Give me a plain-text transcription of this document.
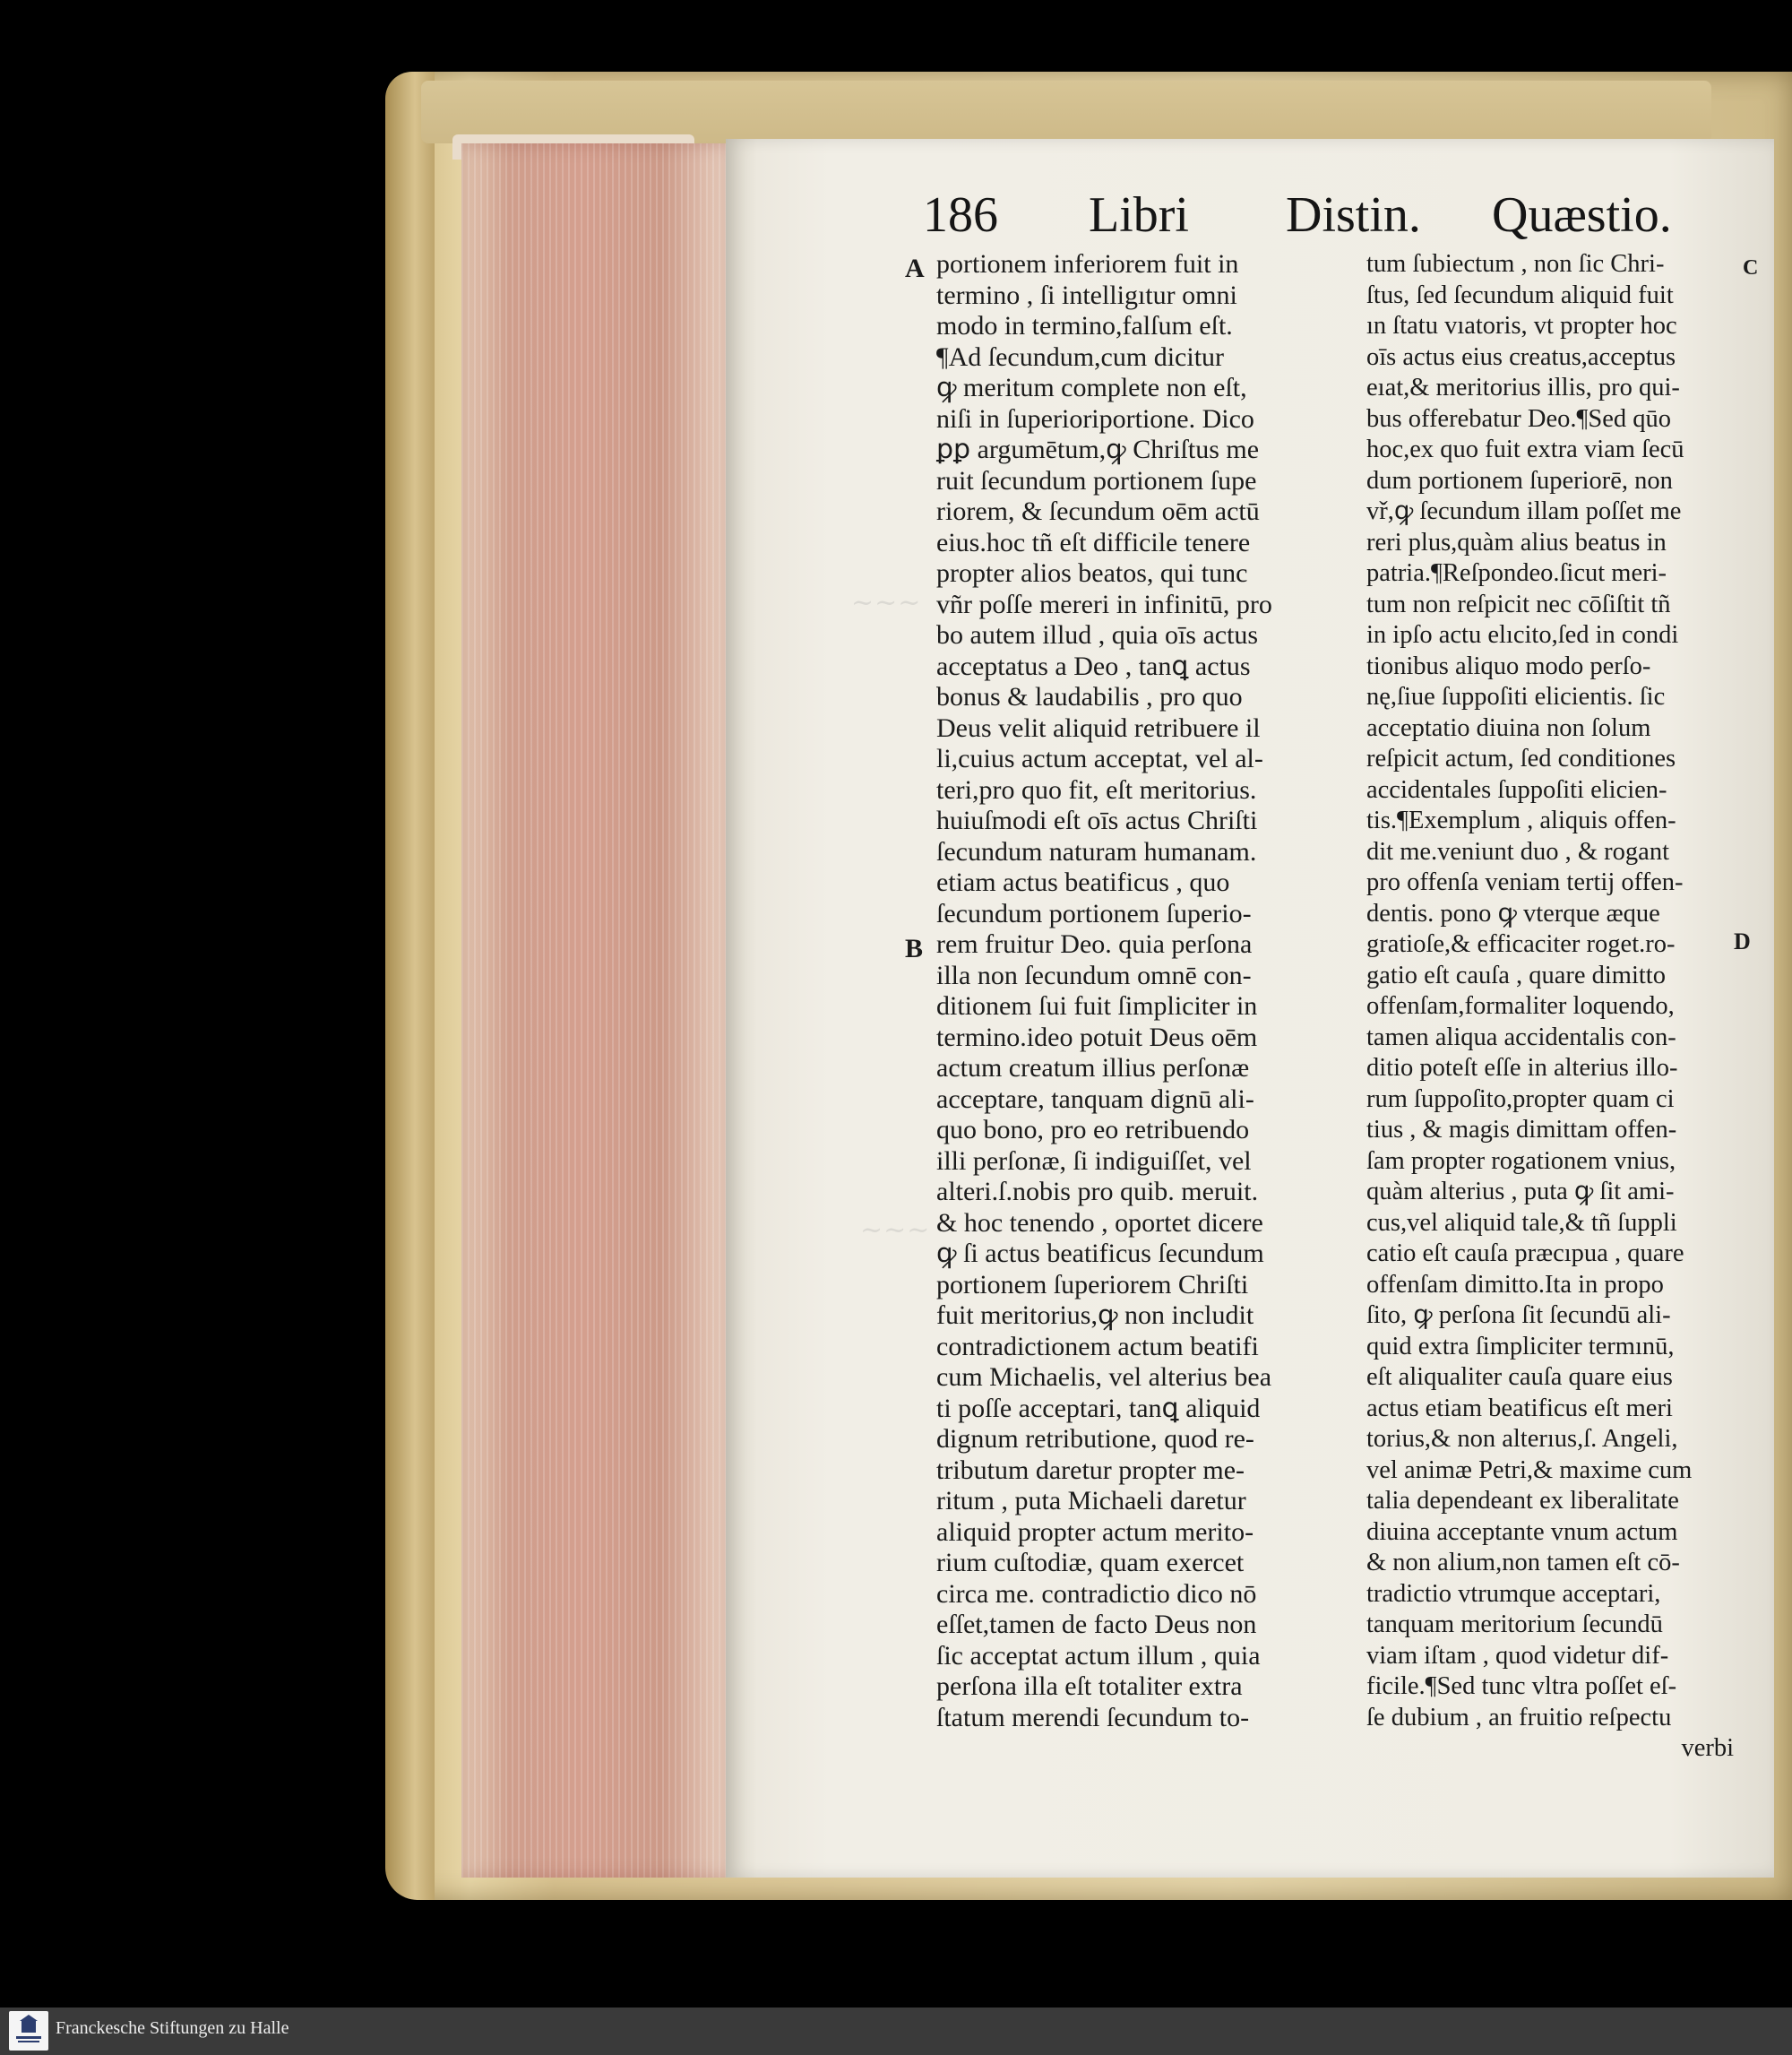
~~~
~~~
186 Libri Distin. Quæstio.
A
B
C
D
portionem inferiorem fuit in
termino , ſi intelligıtur omni
modo in termino,falſum eſt.
¶Ad ſecundum,cum dicitur
ꝙ meritum complete non eſt,
niſi in ſuperioriportione. Dico
ꝑꝑ argumētum,ꝙ Chriſtus me
ruit ſecundum portionem ſupe
riorem, & ſecundum oēm actū
eius.hoc tñ eſt difficile tenere
propter alios beatos, qui tunc
vñr poſſe mereri in infinitū, pro
bo autem illud , quia oīs actus
acceptatus a Deo , tanꝗ actus
bonus & laudabilis , pro quo
Deus velit aliquid retribuere il
li,cuius actum acceptat, vel al-
teri,pro quo fit, eſt meritorius.
huiuſmodi eſt oīs actus Chriſti
ſecundum naturam humanam.
etiam actus beatificus , quo
ſecundum portionem ſuperio-
rem fruitur Deo. quia perſona
illa non ſecundum omnē con-
ditionem ſui fuit ſimpliciter in
termino.ideo potuit Deus oēm
actum creatum illius perſonæ
acceptare, tanquam dignū ali-
quo bono, pro eo retribuendo
illi perſonæ, ſi indiguiſſet, vel
alteri.ſ.nobis pro quib. meruit.
& hoc tenendo , oportet dicere
ꝙ ſi actus beatificus ſecundum
portionem ſuperiorem Chriſti
fuit meritorius,ꝙ non includit
contradictionem actum beatifi
cum Michaelis, vel alterius bea
ti poſſe acceptari, tanꝗ aliquid
dignum retributione, quod re-
tributum daretur propter me-
ritum , puta Michaeli daretur
aliquid propter actum merito-
rium cuſtodiæ, quam exercet
circa me. contradictio dico nō
eſſet,tamen de facto Deus non
ſic acceptat actum illum , quia
perſona illa eſt totaliter extra
ſtatum merendi ſecundum to-
tum ſubiectum , non ſic Chri-
ſtus, ſed ſecundum aliquid fuit
ın ſtatu vıatoris, vt propter hoc
oīs actus eius creatus,acceptus
eıat,& meritorius illis, pro qui-
bus offerebatur Deo.¶Sed qūo
hoc,ex quo fuit extra viam ſecū
dum portionem ſuperiorē, non
vř,ꝙ ſecundum illam poſſet me
reri plus,quàm alius beatus in
patria.¶Reſpondeo.ſicut meri-
tum non reſpicit nec cōſiſtit tñ
in ipſo actu elıcito,ſed in condi
tionibus aliquo modo perſo-
nę,ſiue ſuppoſiti elicientis. ſic
acceptatio diuina non ſolum
reſpicit actum, ſed conditiones
accidentales ſuppoſiti elicien-
tis.¶Exemplum , aliquis offen-
dit me.veniunt duo , & rogant
pro offenſa veniam tertij offen-
dentis. pono ꝙ vterque æque
gratioſe,& efficaciter roget.ro-
gatio eſt cauſa , quare dimitto
offenſam,formaliter loquendo,
tamen aliqua accidentalis con-
ditio poteſt eſſe in alterius illo-
rum ſuppoſito,propter quam ci
tius , & magis dimittam offen-
ſam propter rogationem vnius,
quàm alterius , puta ꝙ ſit ami-
cus,vel aliquid tale,& tñ ſuppli
catio eſt cauſa præcıpua , quare
offenſam dimitto.Ita in propo
ſito, ꝙ perſona ſit ſecundū ali-
quid extra ſimpliciter termınū,
eſt aliqualiter cauſa quare eius
actus etiam beatificus eſt meri
torius,& non alterıus,ſ. Angeli,
vel animæ Petri,& maxime cum
talia dependeant ex liberalitate
diuina acceptante vnum actum
& non alium,non tamen eſt cō-
tradictio vtrumque acceptari,
tanquam meritorium ſecundū
viam iſtam , quod videtur dif-
ficile.¶Sed tunc vltra poſſet eſ-
ſe dubium , an fruitio reſpectu
verbi
Franckesche Stiftungen zu Halle
